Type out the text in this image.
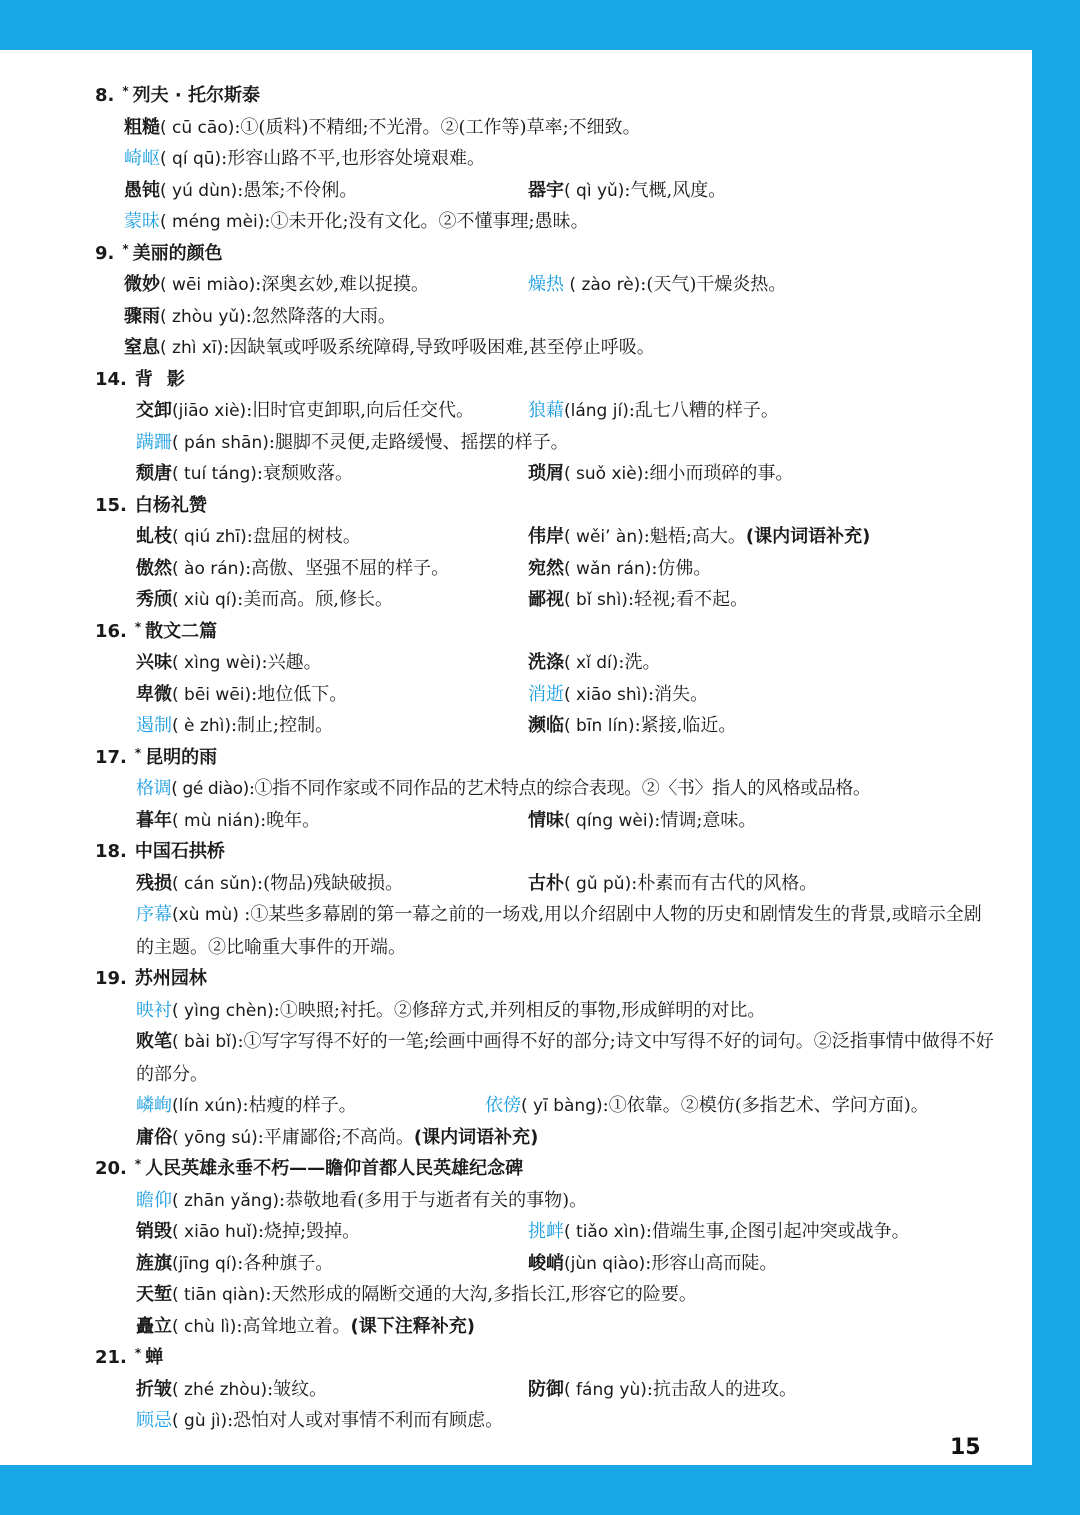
8. * 列夫 · 托尔斯泰
粗糙( cū cāo):①(质料)不精细;不光滑。②(工作等)草率;不细致。
崎岖( qí qū):形容山路不平,也形容处境艰难。
愚钝( yú dùn):愚笨;不伶俐。	器宇( qì yǔ):气概,风度。
蒙昧( méng mèi):①未开化;没有文化。②不懂事理;愚昧。
9. * 美丽的颜色
微妙( wēi miào):深奥玄妙,难以捉摸。	燥热 ( zào rè):(天气)干燥炎热。
骤雨( zhòu yǔ):忽然降落的大雨。
窒息( zhì xī):因缺氧或呼吸系统障碍,导致呼吸困难,甚至停止呼吸。
14. 背影
交卸(jiāo xiè):旧时官吏卸职,向后任交代。	狼藉(láng jí):乱七八糟的样子。
蹒跚( pán shān):腿脚不灵便,走路缓慢、摇摆的样子。
颓唐( tuí táng):衰颓败落。	琐屑( suǒ xiè):细小而琐碎的事。
15. 白杨礼赞
虬枝( qiú zhī):盘屈的树枝。	伟岸( wěi’ àn):魁梧;高大。(课内词语补充)
傲然( ào rán):高傲、坚强不屈的样子。	宛然( wǎn rán):仿佛。
秀颀( xiù qí):美而高。颀,修长。	鄙视( bǐ shì):轻视;看不起。
16. * 散文二篇
兴味( xìng wèi):兴趣。	洗涤( xǐ dí):洗。
卑微( bēi wēi):地位低下。	消逝( xiāo shì):消失。
遏制( è zhì):制止;控制。	濒临( bīn lín):紧接,临近。
17. * 昆明的雨
格调( gé diào):①指不同作家或不同作品的艺术特点的综合表现。②〈书〉指人的风格或品格。
暮年( mù nián):晚年。	情味( qíng wèi):情调;意味。
18. 中国石拱桥
残损( cán sǔn):(物品)残缺破损。	古朴( gǔ pǔ):朴素而有古代的风格。
序幕(xù mù) :①某些多幕剧的第一幕之前的一场戏,用以介绍剧中人物的历史和剧情发生的背景,或暗示全剧的主题。②比喻重大事件的开端。
19. 苏州园林
映衬( yìng chèn):①映照;衬托。②修辞方式,并列相反的事物,形成鲜明的对比。
败笔( bài bǐ):①写字写得不好的一笔;绘画中画得不好的部分;诗文中写得不好的词句。②泛指事情中做得不好的部分。
嶙峋(lín xún):枯瘦的样子。	依傍( yī bàng):①依靠。②模仿(多指艺术、学问方面)。
庸俗( yōng sú):平庸鄙俗;不高尚。(课内词语补充)
20. * 人民英雄永垂不朽——瞻仰首都人民英雄纪念碑
瞻仰( zhān yǎng):恭敬地看(多用于与逝者有关的事物)。
销毁( xiāo huǐ):烧掉;毁掉。	挑衅( tiǎo xìn):借端生事,企图引起冲突或战争。
旌旗(jīng qí):各种旗子。	峻峭(jùn qiào):形容山高而陡。
天堑( tiān qiàn):天然形成的隔断交通的大沟,多指长江,形容它的险要。
矗立( chù lì):高耸地立着。(课下注释补充)
21. * 蝉
折皱( zhé zhòu):皱纹。	防御( fáng yù):抗击敌人的进攻。
顾忌( gù jì):恐怕对人或对事情不利而有顾虑。
15
